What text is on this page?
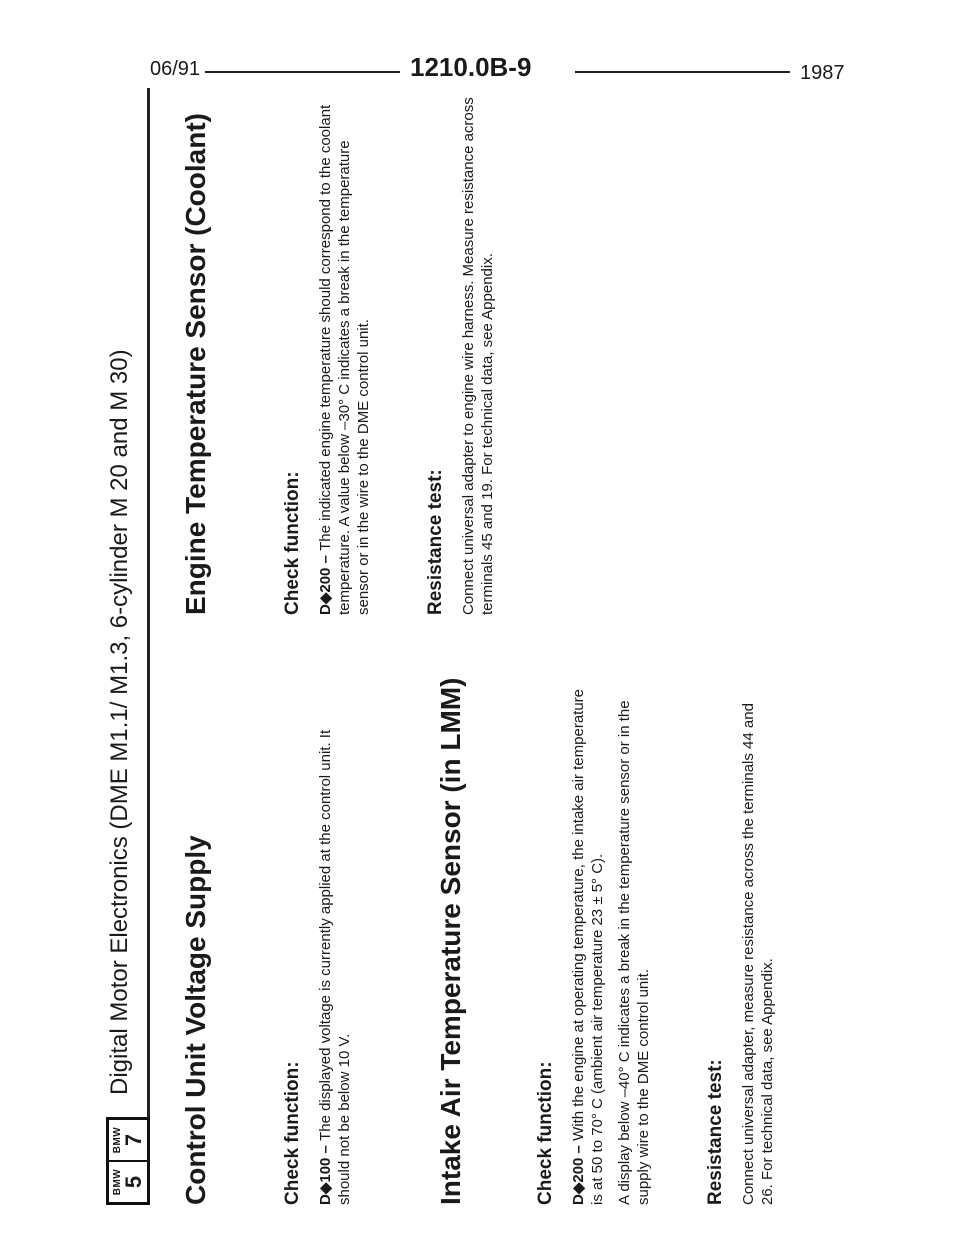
06/91	1210.0B-9	1987
BMW
5
BMW
7 Control Unit Voltage Supply	Check function: D◆100 – The displayed voltage is currently applied at the control unit. It should not be below 10 V.	Intake Air Temperature Sensor (in LMM)	Check function: D◆200 – With the engine at operating temperature, the intake air temperature is at 50 to 70° C (ambient air temperature 23 ± 5° C). A display below –40° C indicates a break in the temperature sensor or in the supply wire to the DME control unit.	Resistance test: Connect universal adapter, measure resistance across the terminals 44 and 26. For technical data, see Appendix.

Engine Temperature Sensor (Coolant)	Check function: D◆200 – The indicated engine temperature should correspond to the coolant temperature. A value below –30° C indicates a break in the temperature sensor or in the wire to the DME control unit.	Resistance test: Connect universal adapter to engine wire harness. Measure resistance across terminals 45 and 19. For technical data, see Appendix.

Digital Motor Electronics (DME M1.1/ M1.3, 6-cylinder M 20 and M 30)
